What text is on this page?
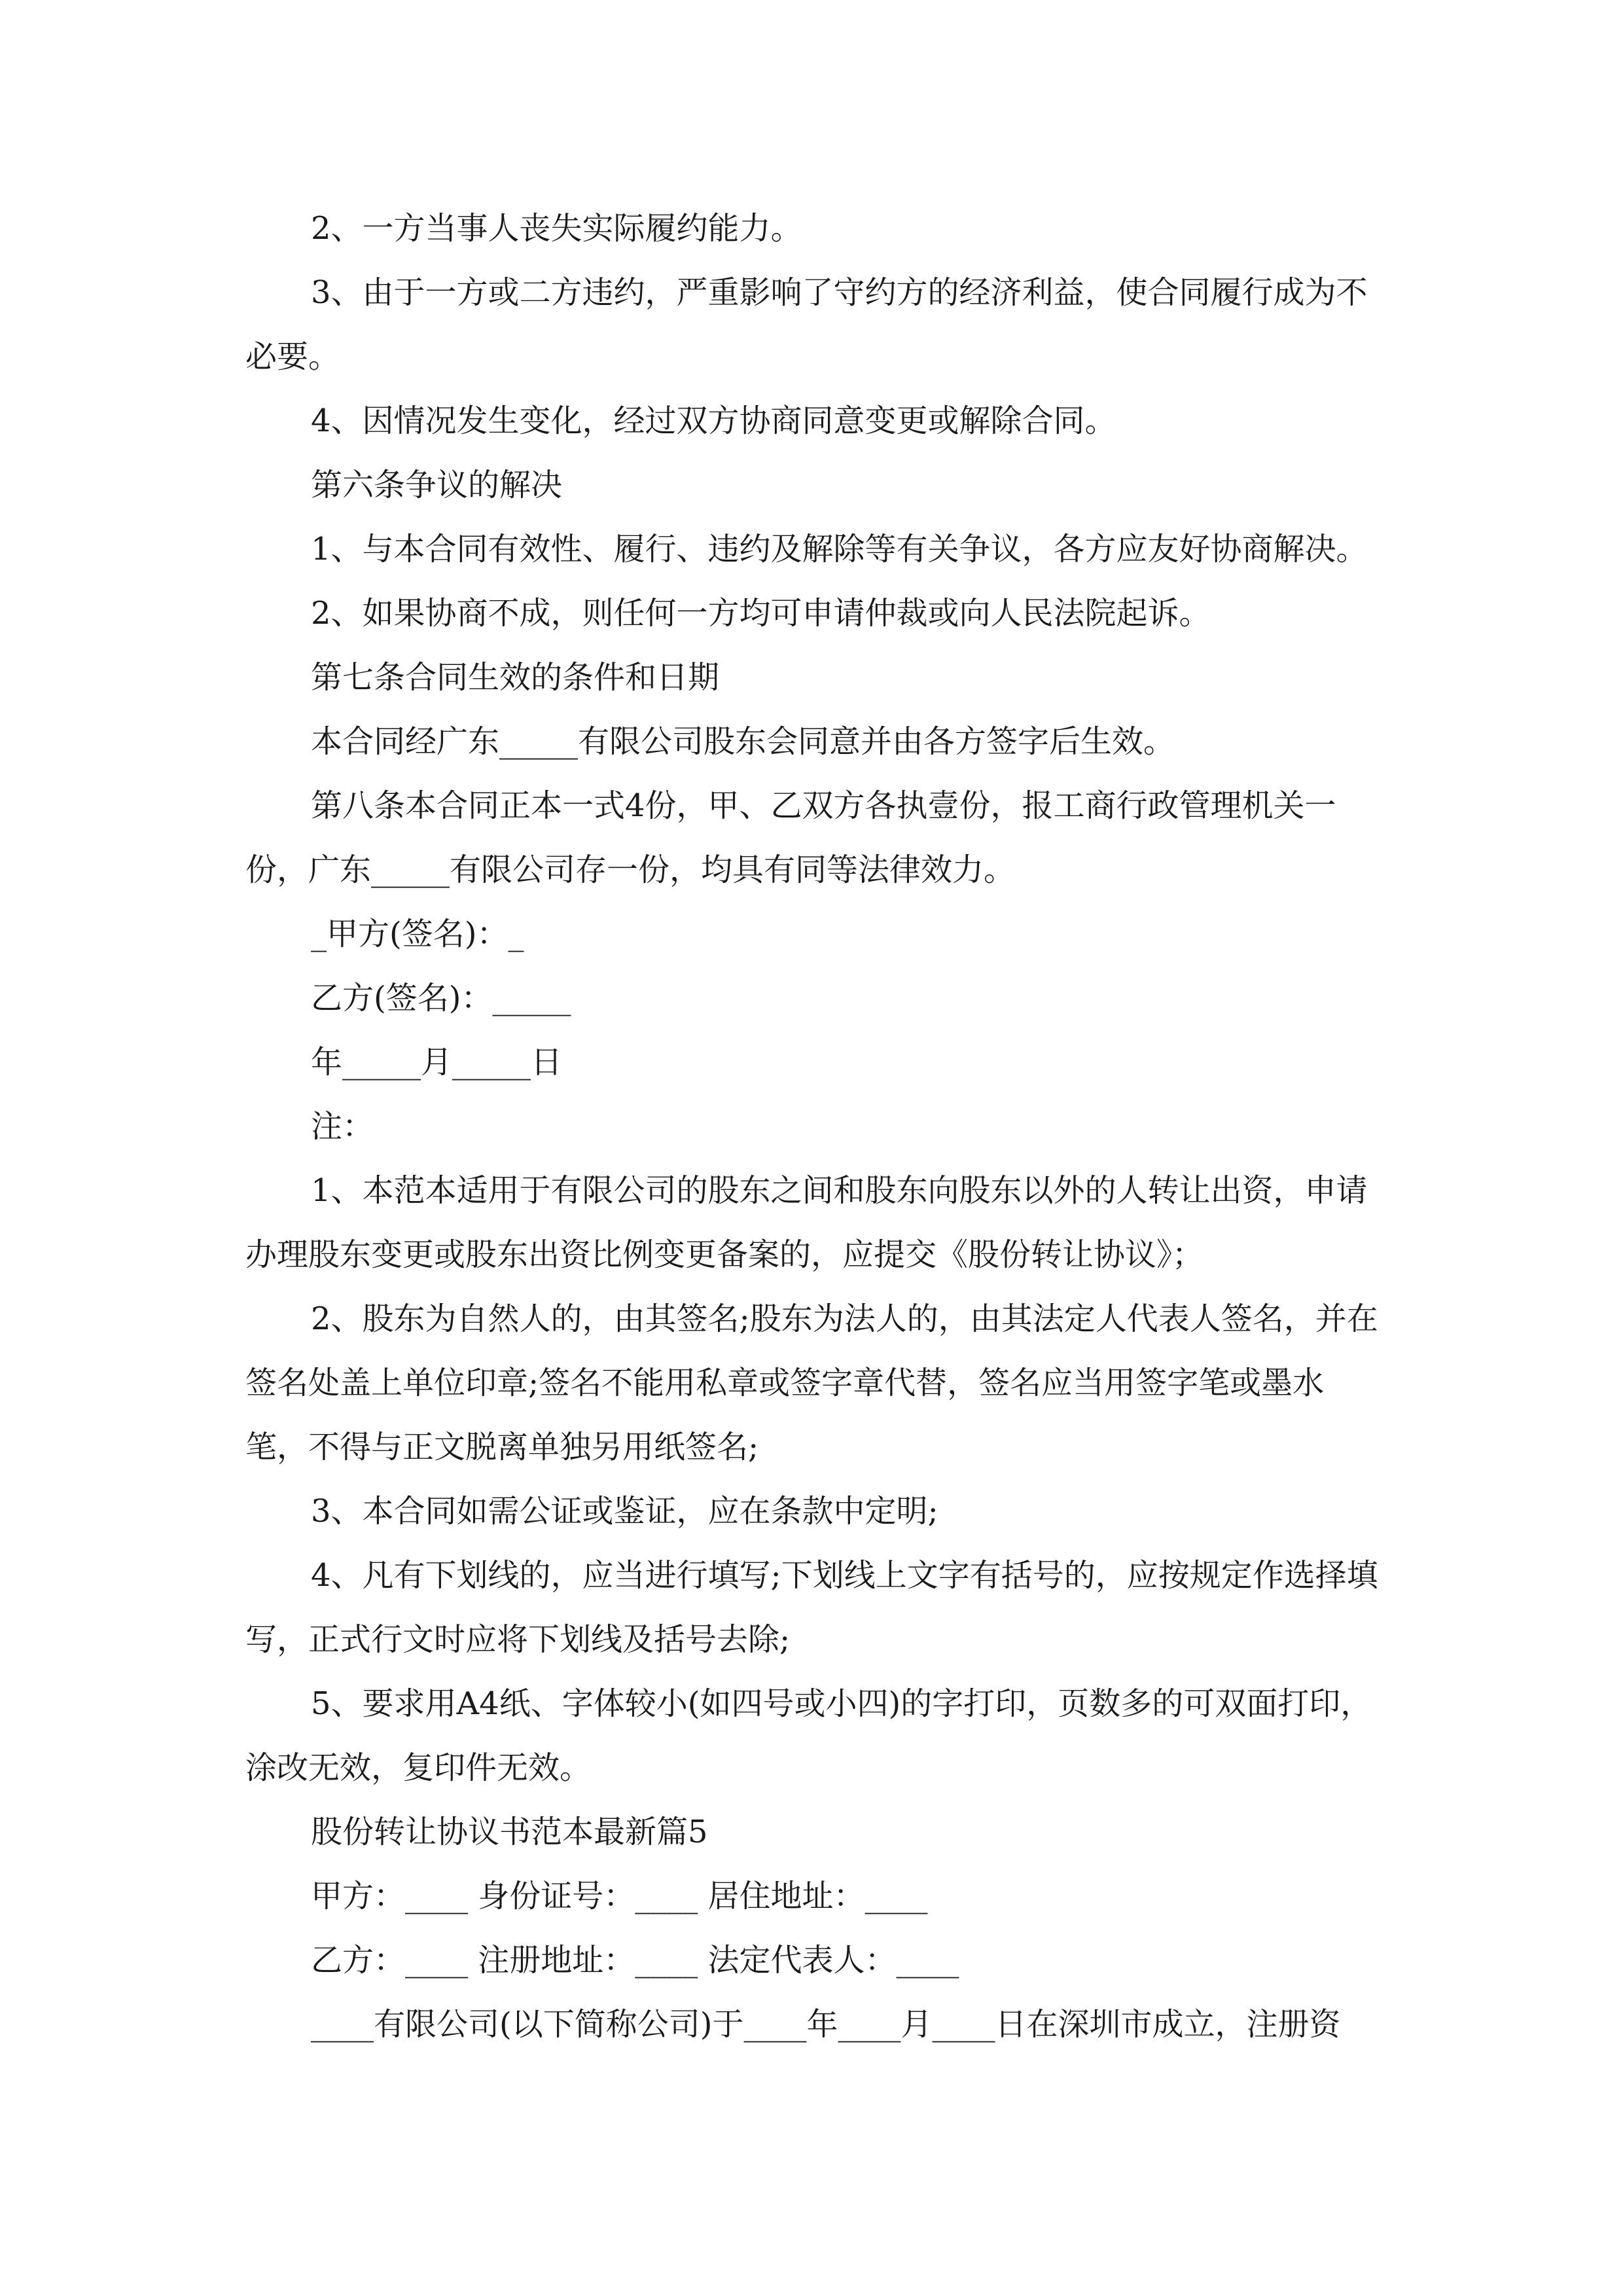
2、一方当事人丧失实际履约能力。

3、由于一方或二方违约，严重影响了守约方的经济利益，使合同履行成为不必要。

4、因情况发生变化，经过双方协商同意变更或解除合同。

第六条争议的解决

1、与本合同有效性、履行、违约及解除等有关争议，各方应友好协商解决。

2、如果协商不成，则任何一方均可申请仲裁或向人民法院起诉。

第七条合同生效的条件和日期

本合同经广东_____有限公司股东会同意并由各方签字后生效。

第八条本合同正本一式4份，甲、乙双方各执壹份，报工商行政管理机关一份，广东_____有限公司存一份，均具有同等法律效力。

_甲方(签名)：_

乙方(签名)：_____

年_____月_____日

注：

1、本范本适用于有限公司的股东之间和股东向股东以外的人转让出资，申请办理股东变更或股东出资比例变更备案的，应提交《股份转让协议》；

2、股东为自然人的，由其签名;股东为法人的，由其法定人代表人签名，并在签名处盖上单位印章;签名不能用私章或签字章代替，签名应当用签字笔或墨水笔，不得与正文脱离单独另用纸签名;

3、本合同如需公证或鉴证，应在条款中定明;

4、凡有下划线的，应当进行填写;下划线上文字有括号的，应按规定作选择填写，正式行文时应将下划线及括号去除;

5、要求用A4纸、字体较小(如四号或小四)的字打印，页数多的可双面打印，涂改无效，复印件无效。

股份转让协议书范本最新篇5

甲方：____ 身份证号：____ 居住地址：____

乙方：____ 注册地址：____ 法定代表人：____

____有限公司(以下简称公司)于____年____月____日在深圳市成立，注册资
